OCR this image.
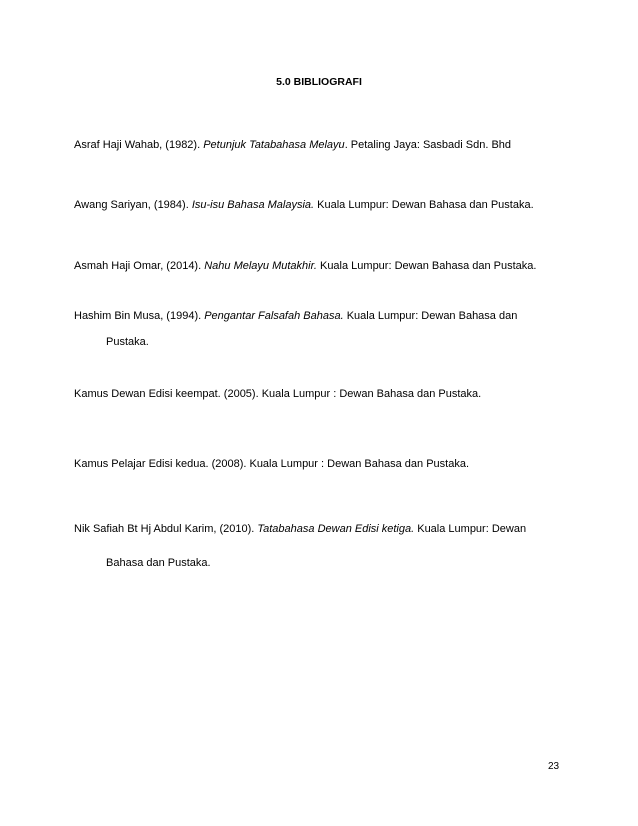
5.0 BIBLIOGRAFI
Asraf Haji Wahab, (1982). Petunjuk Tatabahasa Melayu. Petaling Jaya: Sasbadi Sdn. Bhd
Awang Sariyan, (1984). Isu-isu Bahasa Malaysia. Kuala Lumpur: Dewan Bahasa dan Pustaka.
Asmah Haji Omar, (2014). Nahu Melayu Mutakhir. Kuala Lumpur: Dewan Bahasa dan Pustaka.
Hashim Bin Musa, (1994). Pengantar Falsafah Bahasa. Kuala Lumpur: Dewan Bahasa dan
Pustaka.
Kamus Dewan Edisi keempat. (2005). Kuala Lumpur : Dewan Bahasa dan Pustaka.
Kamus Pelajar Edisi kedua. (2008). Kuala Lumpur : Dewan Bahasa dan Pustaka.
Nik Safiah Bt Hj Abdul Karim, (2010). Tatabahasa Dewan Edisi ketiga. Kuala Lumpur: Dewan
Bahasa dan Pustaka.
23
